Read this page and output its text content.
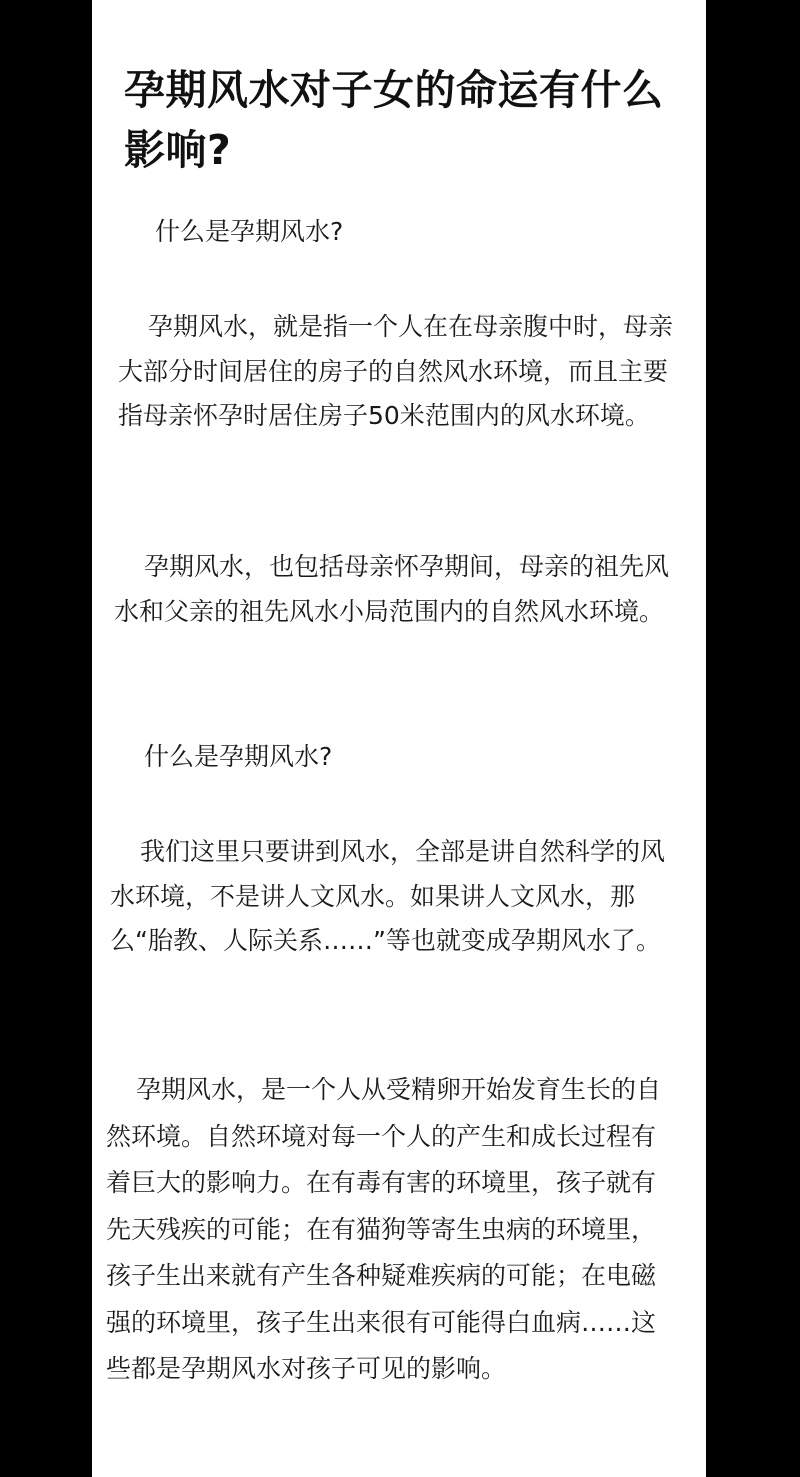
孕期风水对子女的命运有什么影响?

什么是孕期风水?

孕期风水，就是指一个人在在母亲腹中时，母亲大部分时间居住的房子的自然风水环境，而且主要指母亲怀孕时居住房子50米范围内的风水环境。

孕期风水，也包括母亲怀孕期间，母亲的祖先风水和父亲的祖先风水小局范围内的自然风水环境。

什么是孕期风水?

我们这里只要讲到风水，全部是讲自然科学的风水环境，不是讲人文风水。如果讲人文风水，那么“胎教、人际关系……”等也就变成孕期风水了。

孕期风水，是一个人从受精卵开始发育生长的自然环境。自然环境对每一个人的产生和成长过程有着巨大的影响力。在有毒有害的环境里，孩子就有先天残疾的可能；在有猫狗等寄生虫病的环境里，孩子生出来就有产生各种疑难疾病的可能；在电磁强的环境里，孩子生出来很有可能得白血病……这些都是孕期风水对孩子可见的影响。
